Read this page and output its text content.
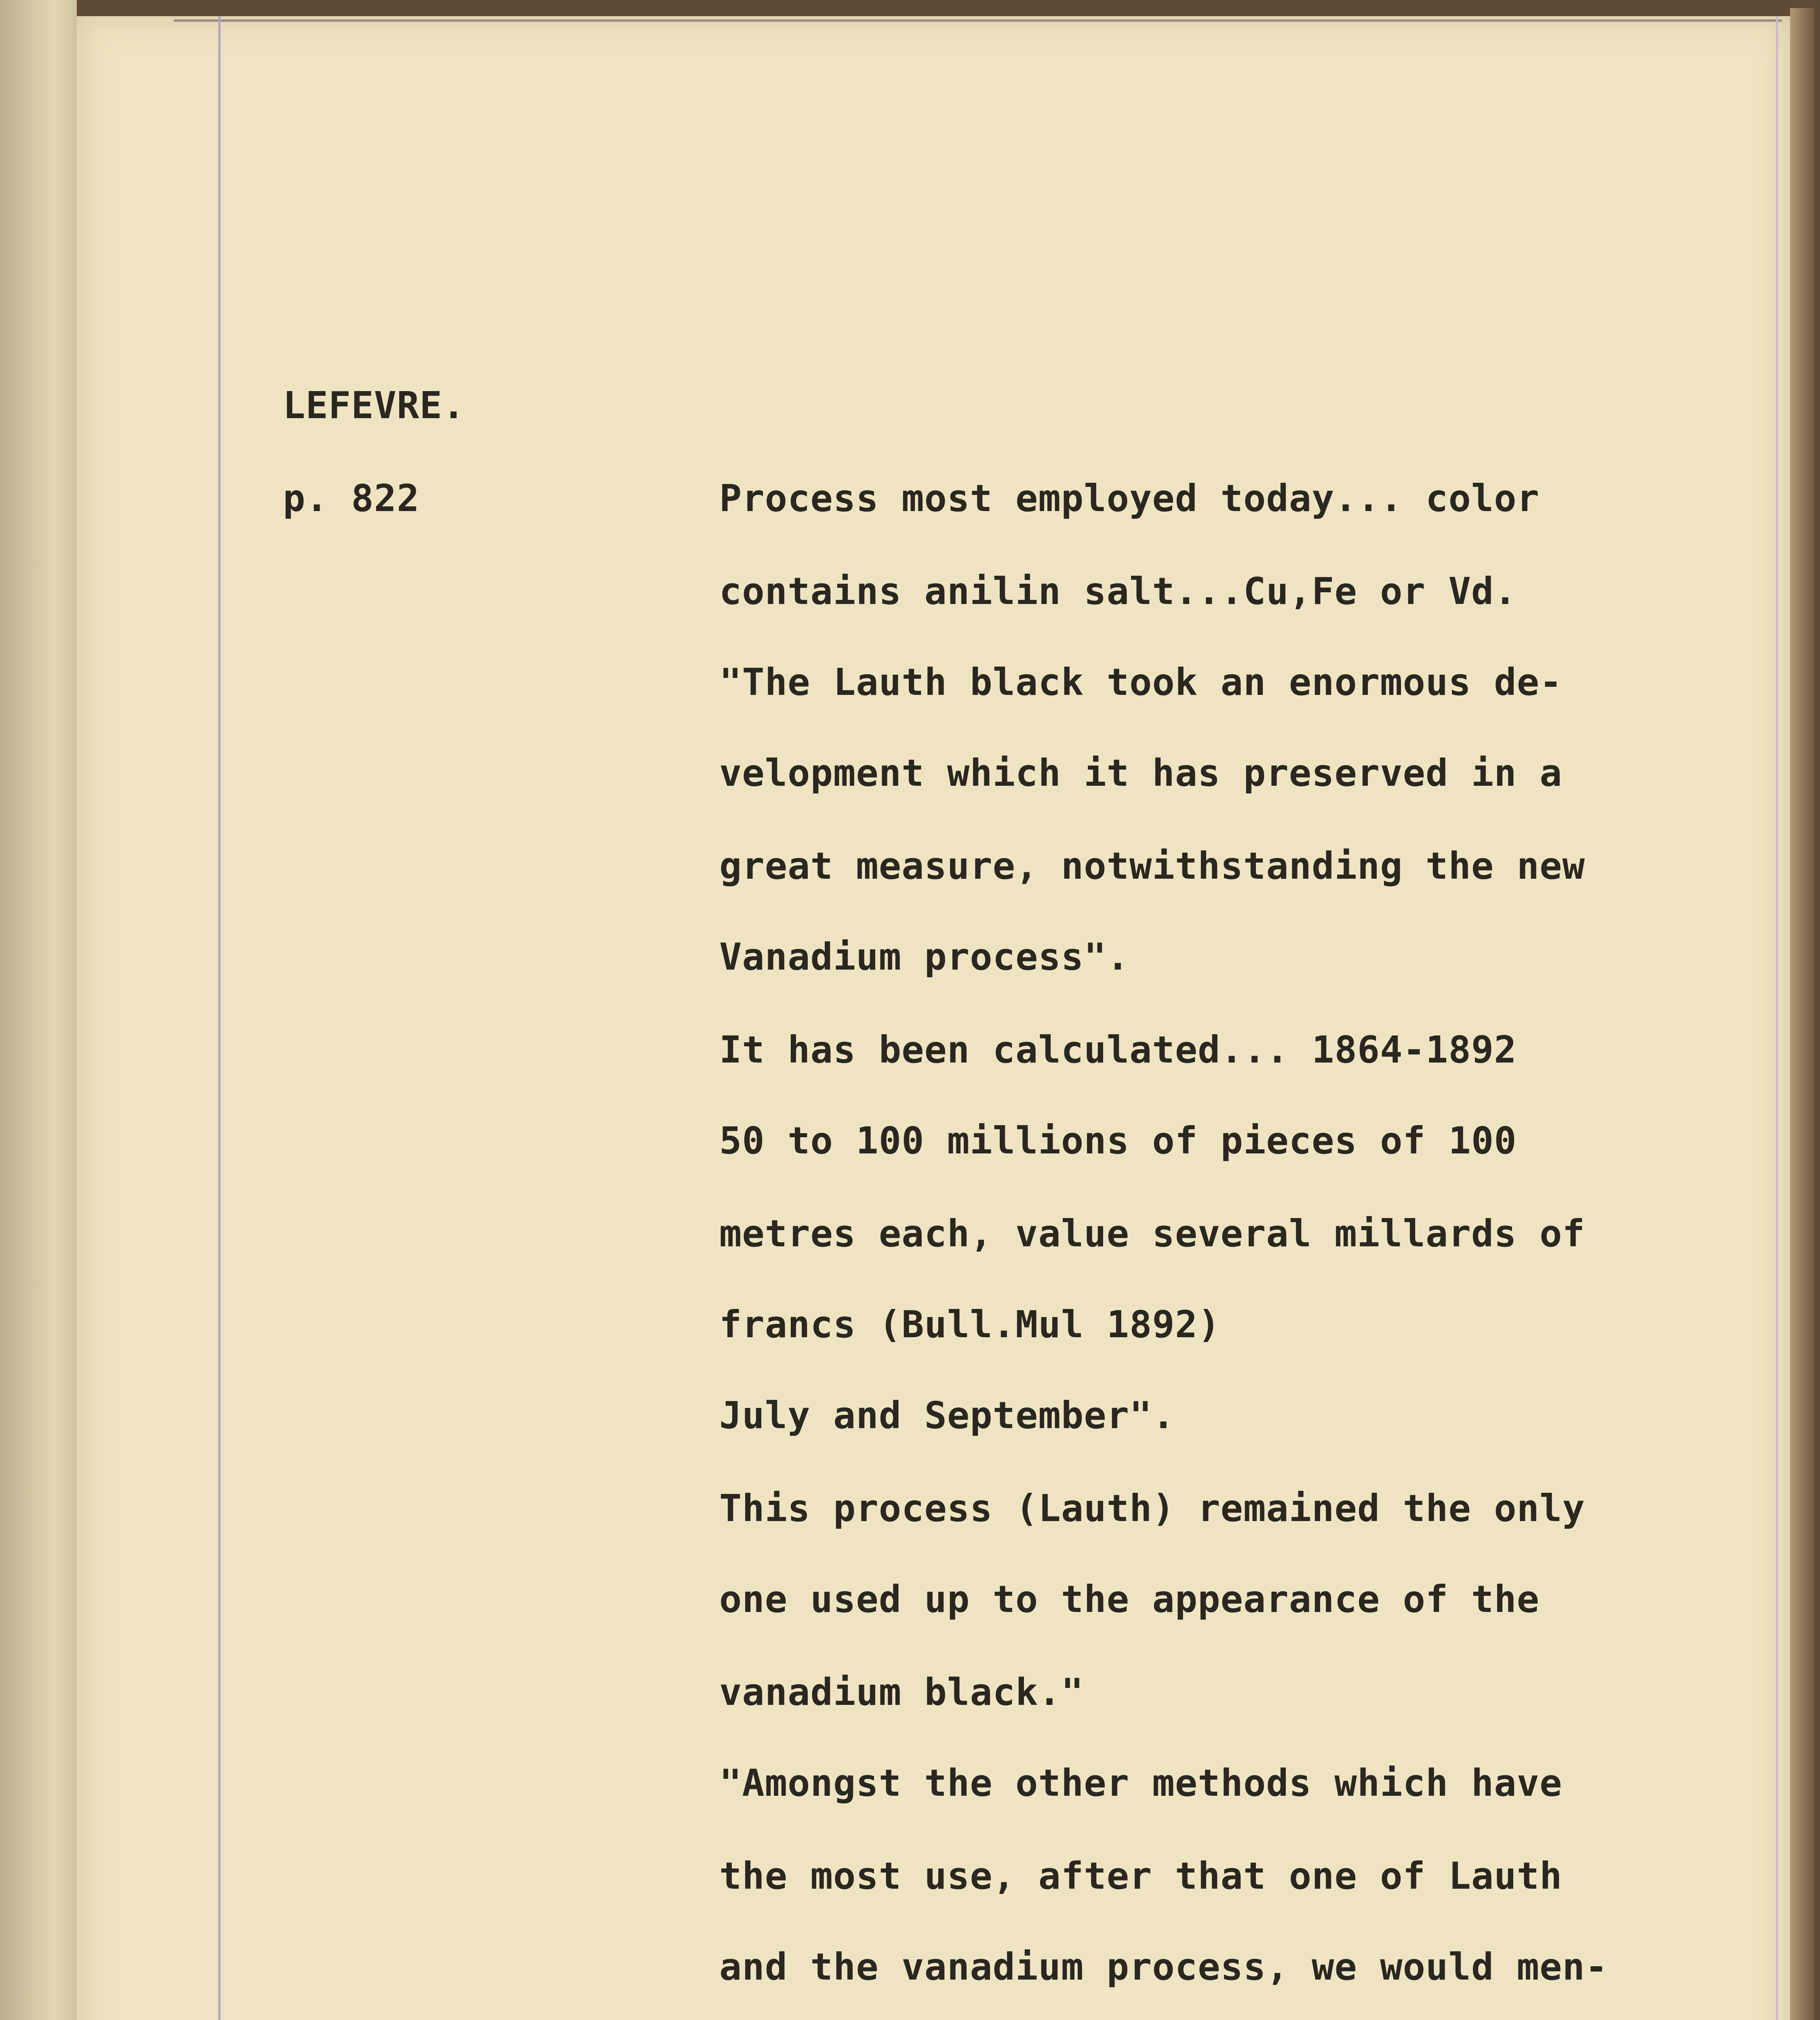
LEFEVRE.
p. 822	Process most employed today... color
contains anilin salt...Cu,Fe or Vd.
"The Lauth black took an enormous de-
velopment which it has preserved in a
great measure, notwithstanding the new
Vanadium process".
It has been calculated... 1864-1892
50 to 100 millions of pieces of 100
metres each, value several millards of
francs (Bull.Mul 1892)
July and September".
This process (Lauth) remained the only
one used up to the appearance of the
vanadium black."
"Amongst the other methods which have
the most use, after that one of Lauth
and the vanadium process, we would men-
